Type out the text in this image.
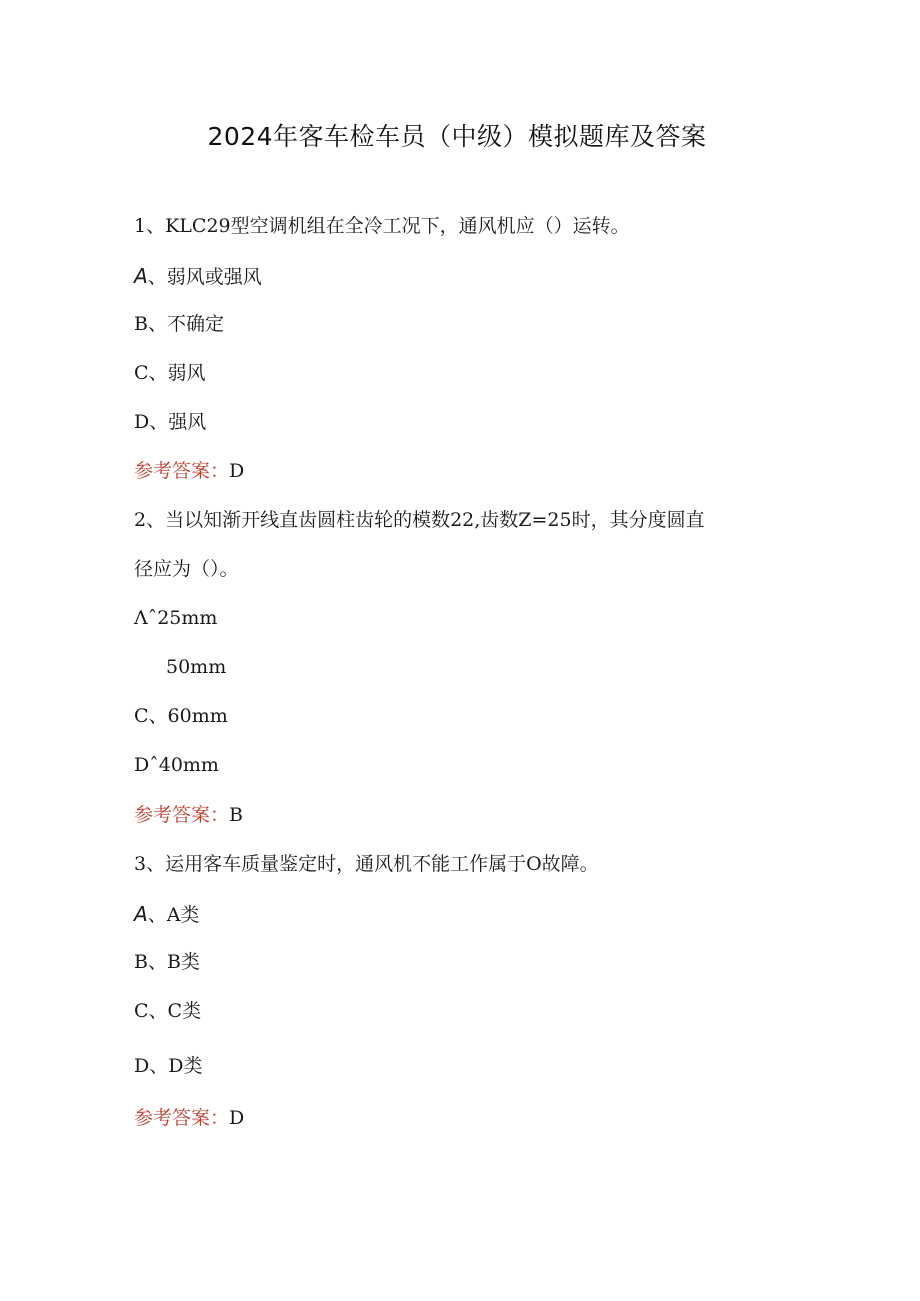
2024年客车检车员（中级）模拟题库及答案
1、KLC29型空调机组在全冷工况下，通风机应（）运转。
A、弱风或强风
B、不确定
C、弱风
D、强风
参考答案：D
2、当以知渐开线直齿圆柱齿轮的模数22,齿数Z=25时，其分度圆直
径应为（）。
Λˆ25mm
50mm
C、60mm
Dˆ40mm
参考答案：B
3、运用客车质量鉴定时，通风机不能工作属于O故障。
A、A类
B、B类
C、C类
D、D类
参考答案：D
